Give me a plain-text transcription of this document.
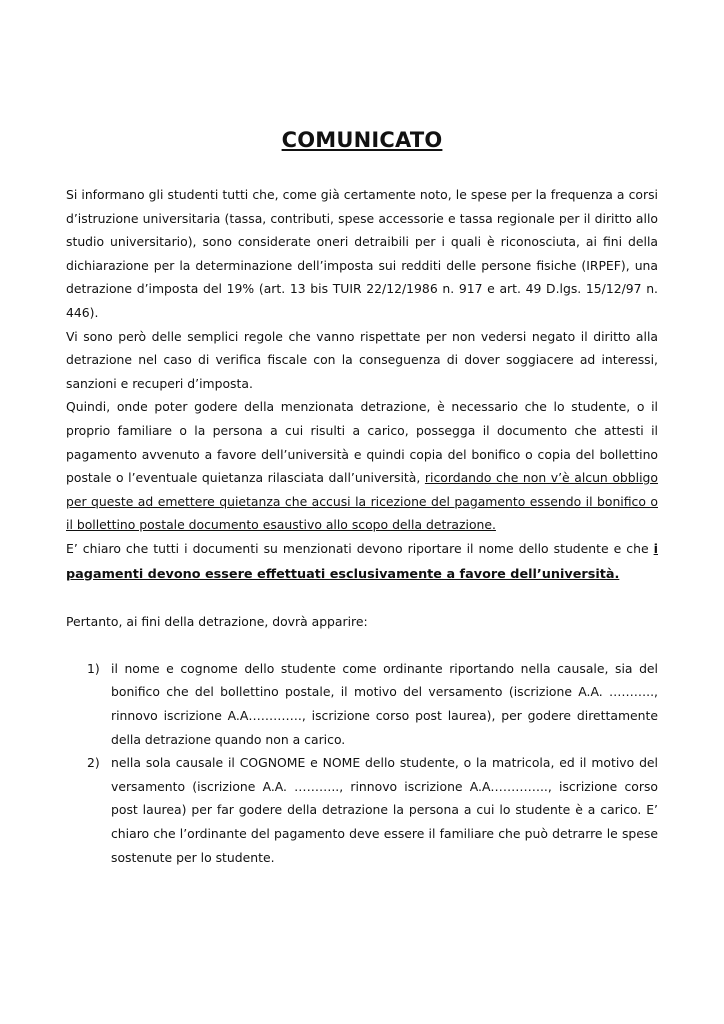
COMUNICATO

Si informano gli studenti tutti che, come già certamente noto, le spese per la frequenza a corsi d’istruzione universitaria (tassa, contributi, spese accessorie e tassa regionale per il diritto allo studio universitario), sono considerate oneri detraibili per i quali è riconosciuta, ai fini della dichiarazione per la determinazione dell’imposta sui redditi delle persone fisiche (IRPEF), una detrazione d’imposta del 19% (art. 13 bis TUIR 22/12/1986 n. 917 e art. 49 D.lgs. 15/12/97 n. 446).

Vi sono però delle semplici regole che vanno rispettate per non vedersi negato il diritto alla detrazione nel caso di verifica fiscale con la conseguenza di dover soggiacere ad interessi, sanzioni e recuperi d’imposta.

Quindi, onde poter godere della menzionata detrazione, è necessario che lo studente, o il proprio familiare o la persona a cui risulti a carico, possegga il documento che attesti il pagamento avvenuto a favore dell’università e quindi copia del bonifico o copia del bollettino postale o l’eventuale quietanza rilasciata dall’università, ricordando che non v’è alcun obbligo per queste ad emettere quietanza che accusi la ricezione del pagamento essendo il bonifico o il bollettino postale documento esaustivo allo scopo della detrazione.

E’ chiaro che tutti i documenti su menzionati devono riportare il nome dello studente e che i pagamenti devono essere effettuati esclusivamente a favore dell’università.

Pertanto, ai fini della detrazione, dovrà apparire:

1) il nome e cognome dello studente come ordinante riportando nella causale, sia del bonifico che del bollettino postale, il motivo del versamento (iscrizione A.A. ……….., rinnovo iscrizione A.A…………., iscrizione corso post laurea), per godere direttamente della detrazione quando non a carico.
2) nella sola causale il COGNOME e NOME dello studente, o la matricola, ed il motivo del versamento (iscrizione A.A. ……….., rinnovo iscrizione A.A………….., iscrizione corso post laurea) per far godere della detrazione la persona a cui lo studente è a carico. E’ chiaro che l’ordinante del pagamento deve essere il familiare che può detrarre le spese sostenute per lo studente.
